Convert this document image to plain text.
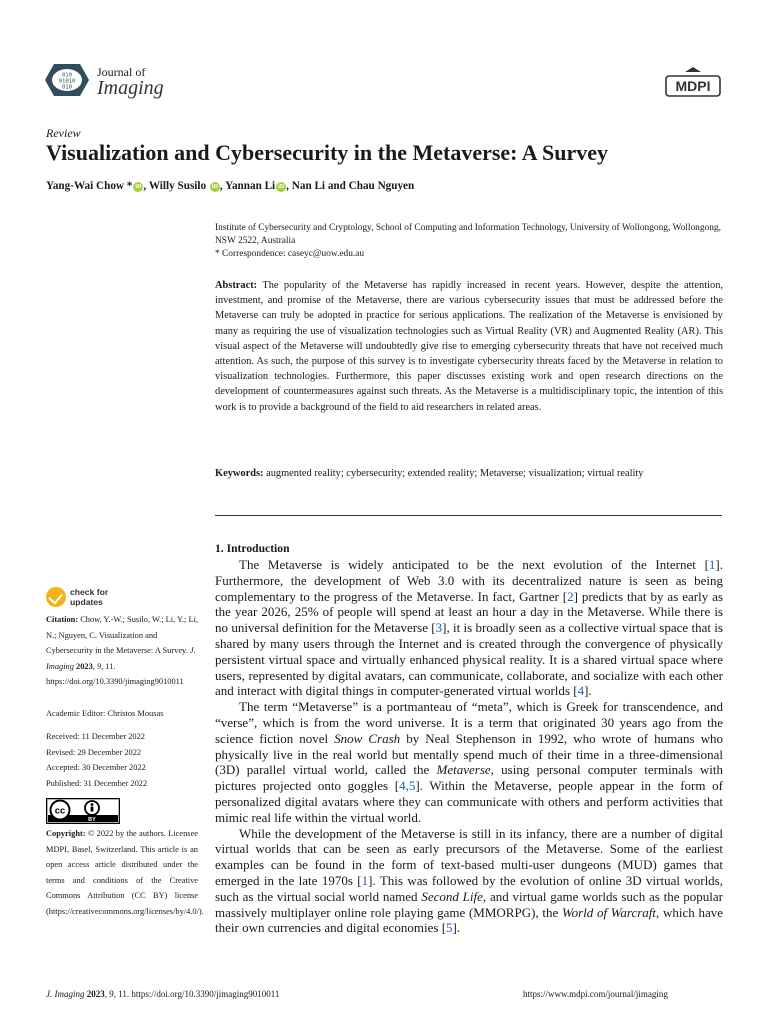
010
01010
010
Journal of
Imaging	MDPI
Review
Visualization and Cybersecurity in the Metaverse: A Survey
Yang-Wai Chow * iD , Willy Susilo iD , Yannan Li iD , Nan Li and Chau Nguyen
Institute of Cybersecurity and Cryptology, School of Computing and Information Technology, University of Wollongong, Wollongong, NSW 2522, Australia
* Correspondence: caseyc@uow.edu.au
Abstract: The popularity of the Metaverse has rapidly increased in recent years. However, despite the attention, investment, and promise of the Metaverse, there are various cybersecurity issues that must be addressed before the Metaverse can truly be adopted in practice for serious applications. The realization of the Metaverse is envisioned by many as requiring the use of visualization technologies such as Virtual Reality (VR) and Augmented Reality (AR). This visual aspect of the Metaverse will undoubtedly give rise to emerging cybersecurity threats that have not received much attention. As such, the purpose of this survey is to investigate cybersecurity threats faced by the Metaverse in relation to visualization technologies. Furthermore, this paper discusses existing work and open research directions on the development of countermeasures against such threats. As the Metaverse is a multidisciplinary topic, the intention of this work is to provide a background of the field to aid researchers in related areas.
Keywords: augmented reality; cybersecurity; extended reality; Metaverse; visualization; virtual reality
check for
updates
Citation: Chow, Y.-W.; Susilo, W.; Li, Y.; Li, N.; Nguyen, C. Visualization and Cybersecurity in the Metaverse: A Survey. J. Imaging 2023, 9, 11. https://doi.org/10.3390/jimaging9010011
Academic Editor: Christos Mousas
Received: 11 December 2022
Revised: 29 December 2022
Accepted: 30 December 2022
Published: 31 December 2022
cc
BY
Copyright: © 2022 by the authors. Licensee MDPI, Basel, Switzerland. This article is an open access article distributed under the terms and conditions of the Creative Commons Attribution (CC BY) license (https://creativecommons.org/licenses/by/4.0/).
1. Introduction

The Metaverse is widely anticipated to be the next evolution of the Internet [1]. Furthermore, the development of Web 3.0 with its decentralized nature is seen as being complementary to the progress of the Metaverse. In fact, Gartner [2] predicts that by as early as the year 2026, 25% of people will spend at least an hour a day in the Metaverse. While there is no universal definition for the Metaverse [3], it is broadly seen as a collective virtual space that is shared by many users through the Internet and is created through the convergence of physically persistent virtual space and virtually enhanced physical reality. It is a shared virtual space where users, represented by digital avatars, can communicate, collaborate, and socialize with each other and interact with digital things in computer-generated virtual worlds [4].

The term “Metaverse” is a portmanteau of “meta”, which is Greek for transcendence, and “verse”, which is from the word universe. It is a term that originated 30 years ago from the science fiction novel Snow Crash by Neal Stephenson in 1992, who wrote of humans who physically live in the real world but mentally spend much of their time in a three-dimensional (3D) parallel virtual world, called the Metaverse, using personal computer terminals with pictures projected onto goggles [4,5]. Within the Metaverse, people appear in the form of personalized digital avatars where they can communicate with others and perform activities that mimic real life within the virtual world.

While the development of the Metaverse is still in its infancy, there are a number of digital virtual worlds that can be seen as early precursors of the Metaverse. Some of the earliest examples can be found in the form of text-based multi-user dungeons (MUD) games that emerged in the late 1970s [1]. This was followed by the evolution of online 3D virtual worlds, such as the virtual social world named Second Life, and virtual game worlds such as the popular massively multiplayer online role playing game (MMORPG), the World of Warcraft, which have their own currencies and digital economies [5].

J. Imaging 2023, 9, 11. https://doi.org/10.3390/jimaging9010011	https://www.mdpi.com/journal/jimaging
